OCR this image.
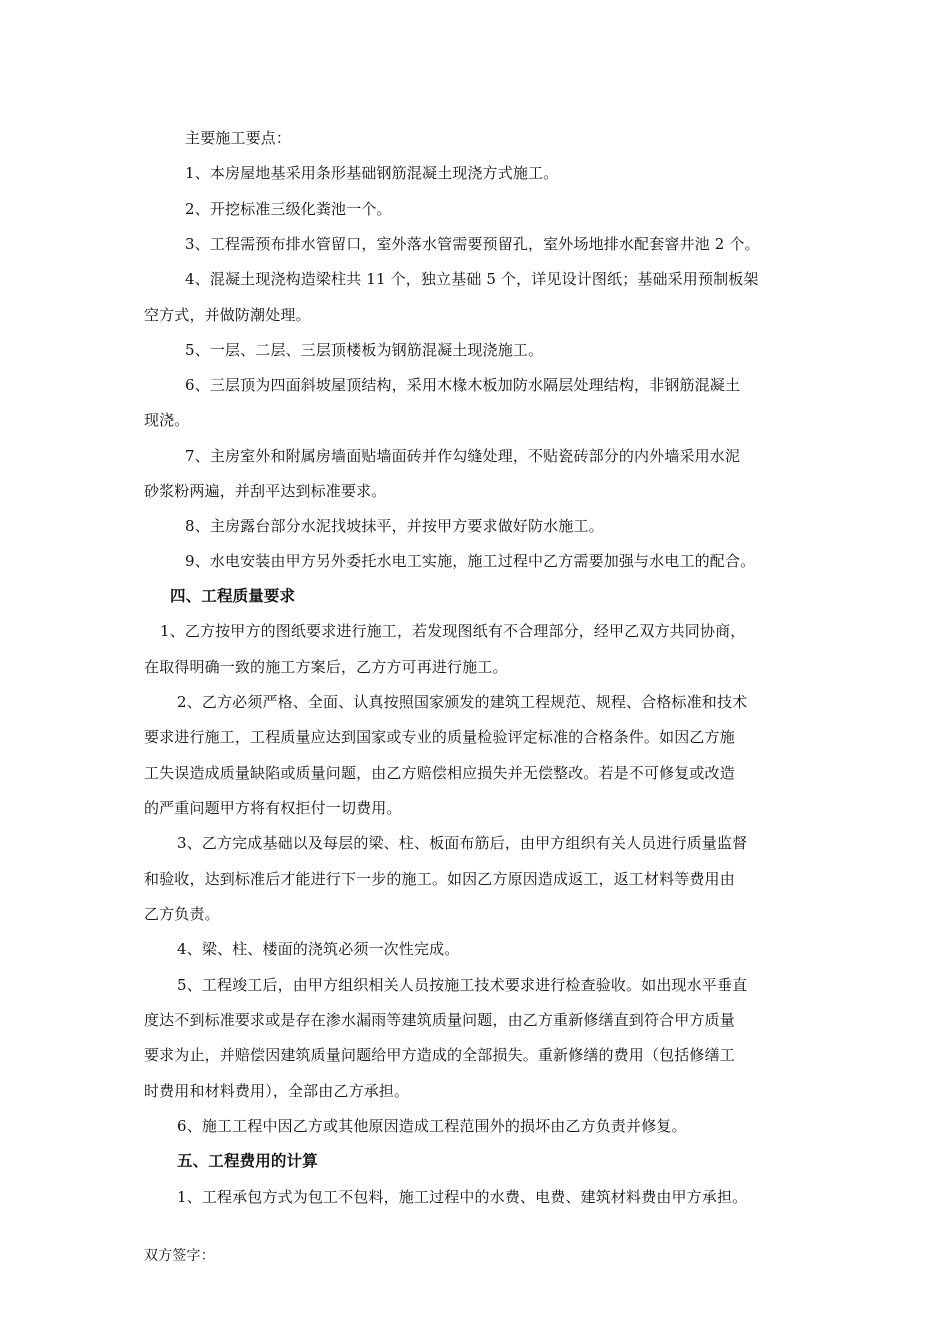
主要施工要点：
1、本房屋地基采用条形基础钢筋混凝土现浇方式施工。
2、开挖标准三级化粪池一个。
3、工程需预布排水管留口，室外落水管需要预留孔，室外场地排水配套窨井池 2 个。
4、混凝土现浇构造梁柱共 11 个，独立基础 5 个，详见设计图纸；基础采用预制板架
空方式，并做防潮处理。
5、一层、二层、三层顶楼板为钢筋混凝土现浇施工。
6、三层顶为四面斜坡屋顶结构，采用木椽木板加防水隔层处理结构，非钢筋混凝土
现浇。
7、主房室外和附属房墙面贴墙面砖并作勾缝处理，不贴瓷砖部分的内外墙采用水泥
砂浆粉两遍，并刮平达到标准要求。
8、主房露台部分水泥找坡抹平，并按甲方要求做好防水施工。
9、水电安装由甲方另外委托水电工实施，施工过程中乙方需要加强与水电工的配合。
四、工程质量要求
1、乙方按甲方的图纸要求进行施工，若发现图纸有不合理部分，经甲乙双方共同协商，
在取得明确一致的施工方案后，乙方方可再进行施工。
2、乙方必须严格、全面、认真按照国家颁发的建筑工程规范、规程、合格标准和技术
要求进行施工，工程质量应达到国家或专业的质量检验评定标准的合格条件。如因乙方施
工失误造成质量缺陷或质量问题，由乙方赔偿相应损失并无偿整改。若是不可修复或改造
的严重问题甲方将有权拒付一切费用。
3、乙方完成基础以及每层的梁、柱、板面布筋后，由甲方组织有关人员进行质量监督
和验收，达到标准后才能进行下一步的施工。如因乙方原因造成返工，返工材料等费用由
乙方负责。
4、梁、柱、楼面的浇筑必须一次性完成。
5、工程竣工后，由甲方组织相关人员按施工技术要求进行检查验收。如出现水平垂直
度达不到标准要求或是存在渗水漏雨等建筑质量问题，由乙方重新修缮直到符合甲方质量
要求为止，并赔偿因建筑质量问题给甲方造成的全部损失。重新修缮的费用（包括修缮工
时费用和材料费用），全部由乙方承担。
6、施工工程中因乙方或其他原因造成工程范围外的损坏由乙方负责并修复。
五、工程费用的计算
1、工程承包方式为包工不包料，施工过程中的水费、电费、建筑材料费由甲方承担。
双方签字：
